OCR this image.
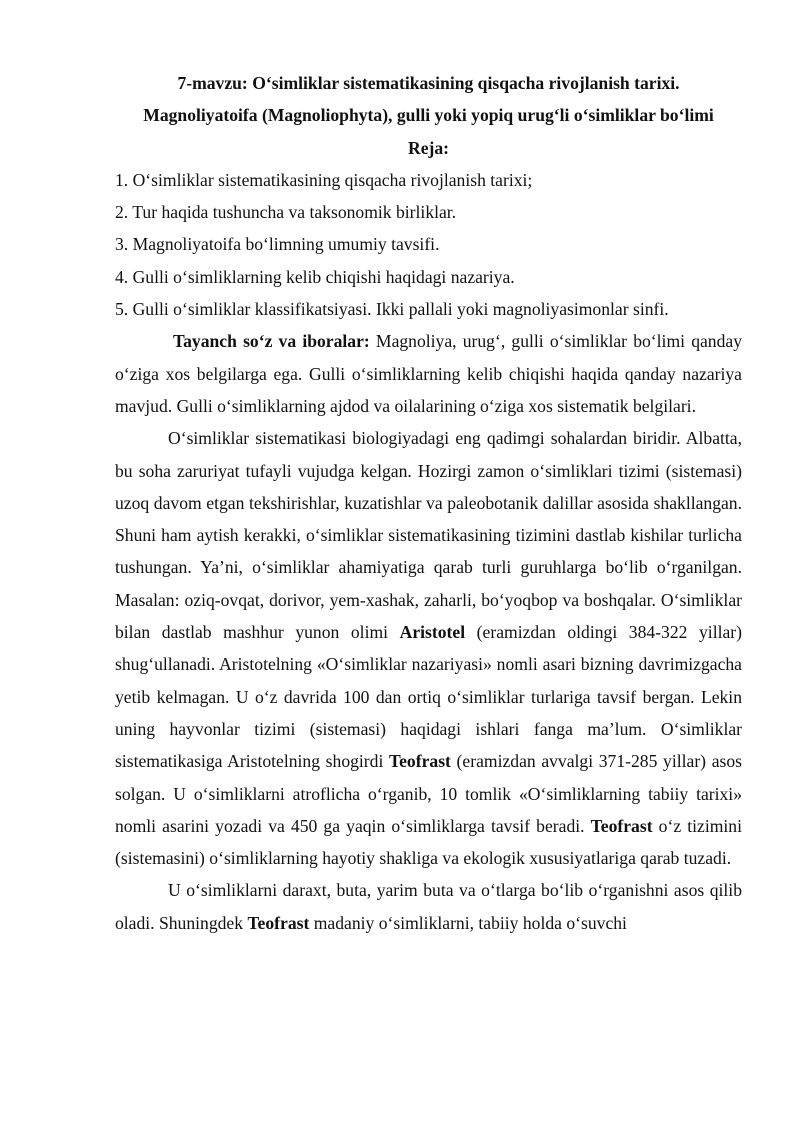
7-mavzu: O‘simliklar sistematikasining qisqacha rivojlanish tarixi.

Magnoliyatoifa (Magnoliophyta), gulli yoki yopiq urug‘li o‘simliklar bo‘limi

Reja:

1. O‘simliklar sistematikasining qisqacha rivojlanish tarixi;

2. Tur haqida tushuncha va taksonomik birliklar.

3. Magnoliyatoifa bo‘limning umumiy tavsifi.

4. Gulli o‘simliklarning kelib chiqishi haqidagi nazariya.

5. Gulli o‘simliklar klassifikatsiyasi. Ikki pallali yoki magnoliyasimonlar sinfi.

Tayanch so‘z va iboralar: Magnoliya, urug‘, gulli o‘simliklar bo‘limi qanday o‘ziga xos belgilarga ega. Gulli o‘simliklarning kelib chiqishi haqida qanday nazariya mavjud. Gulli o‘simliklarning ajdod va oilalarining o‘ziga xos sistematik belgilari.

O‘simliklar sistematikasi biologiyadagi eng qadimgi sohalardan biridir. Albatta, bu soha zaruriyat tufayli vujudga kelgan. Hozirgi zamon o‘simliklari tizimi (sistemasi) uzoq davom etgan tekshirishlar, kuzatishlar va paleobotanik dalillar asosida shakllangan. Shuni ham aytish kerakki, o‘simliklar sistematikasining tizimini dastlab kishilar turlicha tushungan. Ya’ni, o‘simliklar ahamiyatiga qarab turli guruhlarga bo‘lib o‘rganilgan. Masalan: oziq-ovqat, dorivor, yem-xashak, zaharli, bo‘yoqbop va boshqalar. O‘simliklar bilan dastlab mashhur yunon olimi Aristotel (eramizdan oldingi 384-322 yillar) shug‘ullanadi. Aristotelning «O‘simliklar nazariyasi» nomli asari bizning davrimizgacha yetib kelmagan. U o‘z davrida 100 dan ortiq o‘simliklar turlariga tavsif bergan. Lekin uning hayvonlar tizimi (sistemasi) haqidagi ishlari fanga ma’lum. O‘simliklar sistematikasiga Aristotelning shogirdi Teofrast (eramizdan avvalgi 371-285 yillar) asos solgan. U o‘simliklarni atroflicha o‘rganib, 10 tomlik «O‘simliklarning tabiiy tarixi» nomli asarini yozadi va 450 ga yaqin o‘simliklarga tavsif beradi. Teofrast o‘z tizimini (sistemasini) o‘simliklarning hayotiy shakliga va ekologik xususiyatlariga qarab tuzadi.

U o‘simliklarni daraxt, buta, yarim buta va o‘tlarga bo‘lib o‘rganishni asos qilib oladi. Shuningdek Teofrast madaniy o‘simliklarni, tabiiy holda o‘suvchi
